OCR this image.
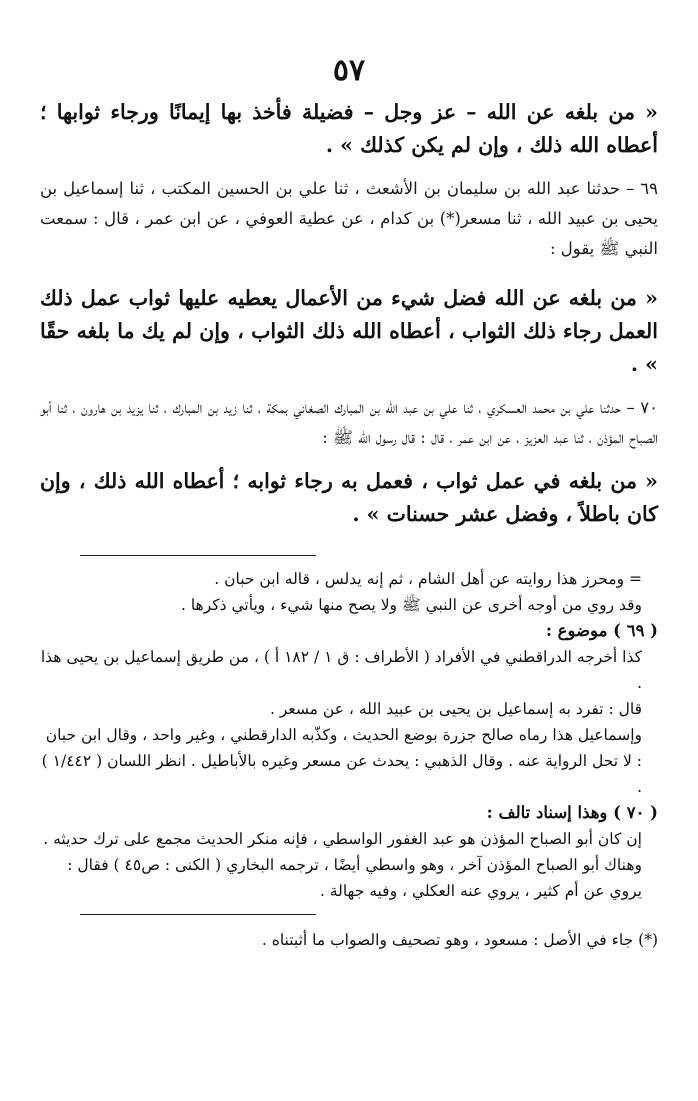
٥٧

« من بلغه عن الله – عز وجل – فضيلة فأخذ بها إيمانًا ورجاء ثوابها ؛ أعطاه الله ذلك ، وإن لم يكن كذلك » .

٦٩ – حدثنا عبد الله بن سليمان بن الأشعث ، ثنا علي بن الحسين المكتب ، ثنا إسماعيل بن يحيى بن عبيد الله ، ثنا مسعر(*) بن كدام ، عن عطية العوفي ، عن ابن عمر ، قال : سمعت النبي ﷺ يقول :

« من بلغه عن الله فضل شيء من الأعمال يعطيه عليها ثواب عمل ذلك العمل رجاء ذلك الثواب ، أعطاه الله ذلك الثواب ، وإن لم يك ما بلغه حقًا » .

٧٠ – حدثنا علي بن محمد العسكري ، ثنا علي بن عبد الله بن المبارك الصغاني بمكة ، ثنا زيد بن المبارك ، ثنا يزيد بن هارون ، ثنا أبو الصباح المؤذن ، ثنا عبد العزيز ، عن ابن عمر ، قال : قال رسول الله ﷺ :

« من بلغه في عمل ثواب ، فعمل به رجاء ثوابه ؛ أعطاه الله ذلك ، وإن كان باطلاً ، وفضل عشر حسنات » .

= ومحرز هذا روايته عن أهل الشام ، ثم إنه يدلس ، قاله ابن حبان .

وقد روي من أوجه أخرى عن النبي ﷺ ولا يصح منها شيء ، ويأتي ذكرها .

( ٦٩ ) موضوع :

كذا أخرجه الدراقطني في الأفراد ( الأطراف : ق ١ / ١٨٢ أ ) ، من طريق إسماعيل بن يحيى هذا .

قال : تفرد به إسماعيل بن يحيى بن عبيد الله ، عن مسعر .

وإسماعيل هذا رماه صالح جزرة بوضع الحديث ، وكذّبه الدارقطني ، وغير واحد ، وقال ابن حبان : لا تحل الرواية عنه . وقال الذهبي : يحدث عن مسعر وغيره بالأباطيل . انظر اللسان ( ١/٤٤٢ ) .

( ٧٠ ) وهذا إسناد تالف :

إن كان أبو الصباح المؤذن هو عبد الغفور الواسطي ، فإنه منكر الحديث مجمع على ترك حديثه .

وهناك أبو الصباح المؤذن آخر ، وهو واسطي أيضًا ، ترجمه البخاري ( الكنى : ص٤٥ ) فقال : يروي عن أم كثير ، يروي عنه العكلي ، وفيه جهالة .

(*) جاء في الأصل : مسعود ، وهو تصحيف والصواب ما أثبتناه .
